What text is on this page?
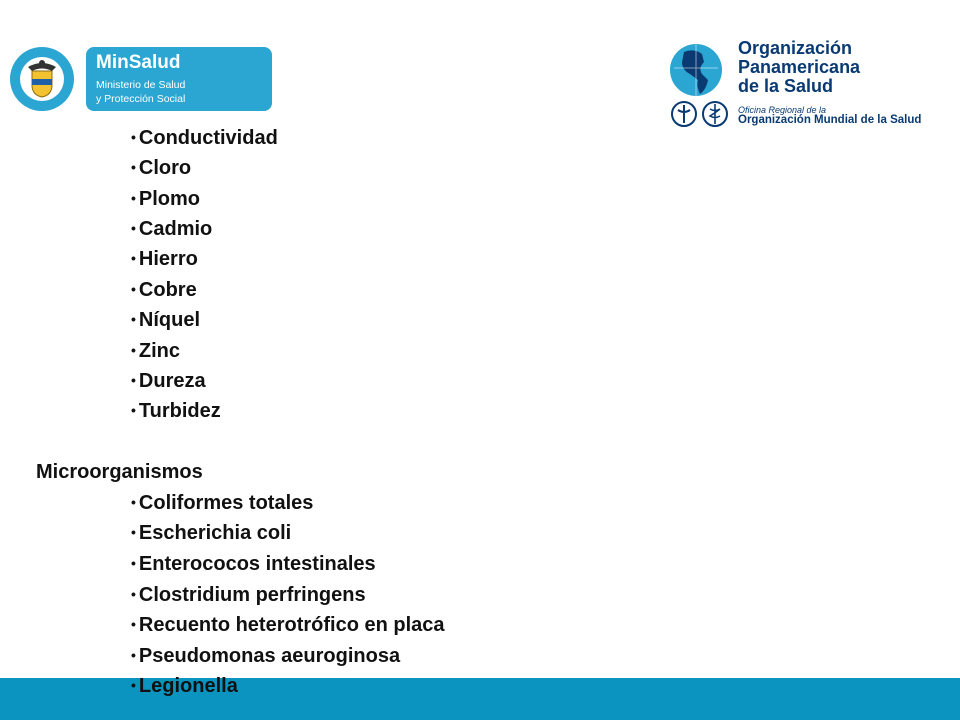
MinSalud
Ministerio de Salud
y Protección Social
Organización
Panamericana
de la Salud
Oficina Regional de la
Organización Mundial de la Salud
• Conductividad
• Cloro
• Plomo
• Cadmio
• Hierro
• Cobre
• Níquel
• Zinc
• Dureza
• Turbidez
Microorganismos
• Coliformes totales
• Escherichia coli
• Enterococos intestinales
• Clostridium perfringens
• Recuento heterotrófico en placa
• Pseudomonas aeuroginosa
• Legionella
